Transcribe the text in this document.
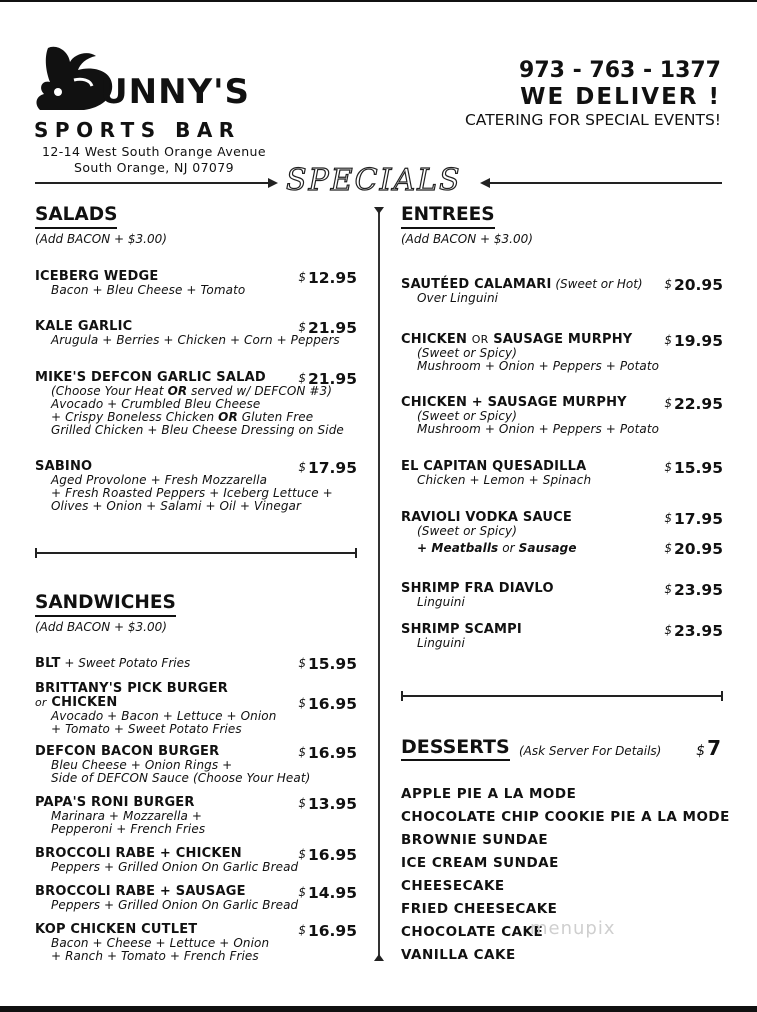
UNNY'S
SPORTS BAR
12-14 West South Orange Avenue
South Orange, NJ 07079
973 - 763 - 1377
WE DELIVER !
CATERING FOR SPECIAL EVENTS!
SPECIALS
SALADS
(Add BACON + $3.00)
ICEBERG WEDGE
Bacon + Bleu Cheese + Tomato
$ 12.95
KALE GARLIC
Arugula + Berries + Chicken + Corn + Peppers
$ 21.95
MIKE'S DEFCON GARLIC SALAD
(Choose Your Heat OR served w/ DEFCON #3)
Avocado + Crumbled Bleu Cheese
+ Crispy Boneless Chicken OR Gluten Free
Grilled Chicken + Bleu Cheese Dressing on Side
$ 21.95
SABINO
Aged Provolone + Fresh Mozzarella
+ Fresh Roasted Peppers + Iceberg Lettuce +
Olives + Onion + Salami + Oil + Vinegar
$ 17.95
SANDWICHES
(Add BACON + $3.00)
BLT + Sweet Potato Fries	$ 15.95
BRITTANY'S PICK BURGER
or CHICKEN
Avocado + Bacon + Lettuce + Onion
+ Tomato + Sweet Potato Fries
$ 16.95
DEFCON BACON BURGER
Bleu Cheese + Onion Rings +
Side of DEFCON Sauce (Choose Your Heat)
$ 16.95
PAPA'S RONI BURGER
Marinara + Mozzarella +
Pepperoni + French Fries
$ 13.95
BROCCOLI RABE + CHICKEN
Peppers + Grilled Onion On Garlic Bread
$ 16.95
BROCCOLI RABE + SAUSAGE
Peppers + Grilled Onion On Garlic Bread
$ 14.95
KOP CHICKEN CUTLET
Bacon + Cheese + Lettuce + Onion
+ Ranch + Tomato + French Fries
$ 16.95
ENTREES
(Add BACON + $3.00)
SAUTÉED CALAMARI (Sweet or Hot)
Over Linguini
$ 20.95
CHICKEN OR SAUSAGE MURPHY
(Sweet or Spicy)
Mushroom + Onion + Peppers + Potato
$ 19.95
CHICKEN + SAUSAGE MURPHY
(Sweet or Spicy)
Mushroom + Onion + Peppers + Potato
$ 22.95
EL CAPITAN QUESADILLA
Chicken + Lemon + Spinach
$ 15.95
RAVIOLI VODKA SAUCE
(Sweet or Spicy)
$ 17.95
+ Meatballs or Sausage	$ 20.95
SHRIMP FRA DIAVLO
Linguini
$ 23.95
SHRIMP SCAMPI
Linguini
$ 23.95
DESSERTS (Ask Server For Details) $ 7
APPLE PIE A LA MODE
CHOCOLATE CHIP COOKIE PIE A LA MODE
BROWNIE SUNDAE
ICE CREAM SUNDAE
CHEESECAKE
FRIED CHEESECAKE
CHOCOLATE CAKE
VANILLA CAKE
menupix
